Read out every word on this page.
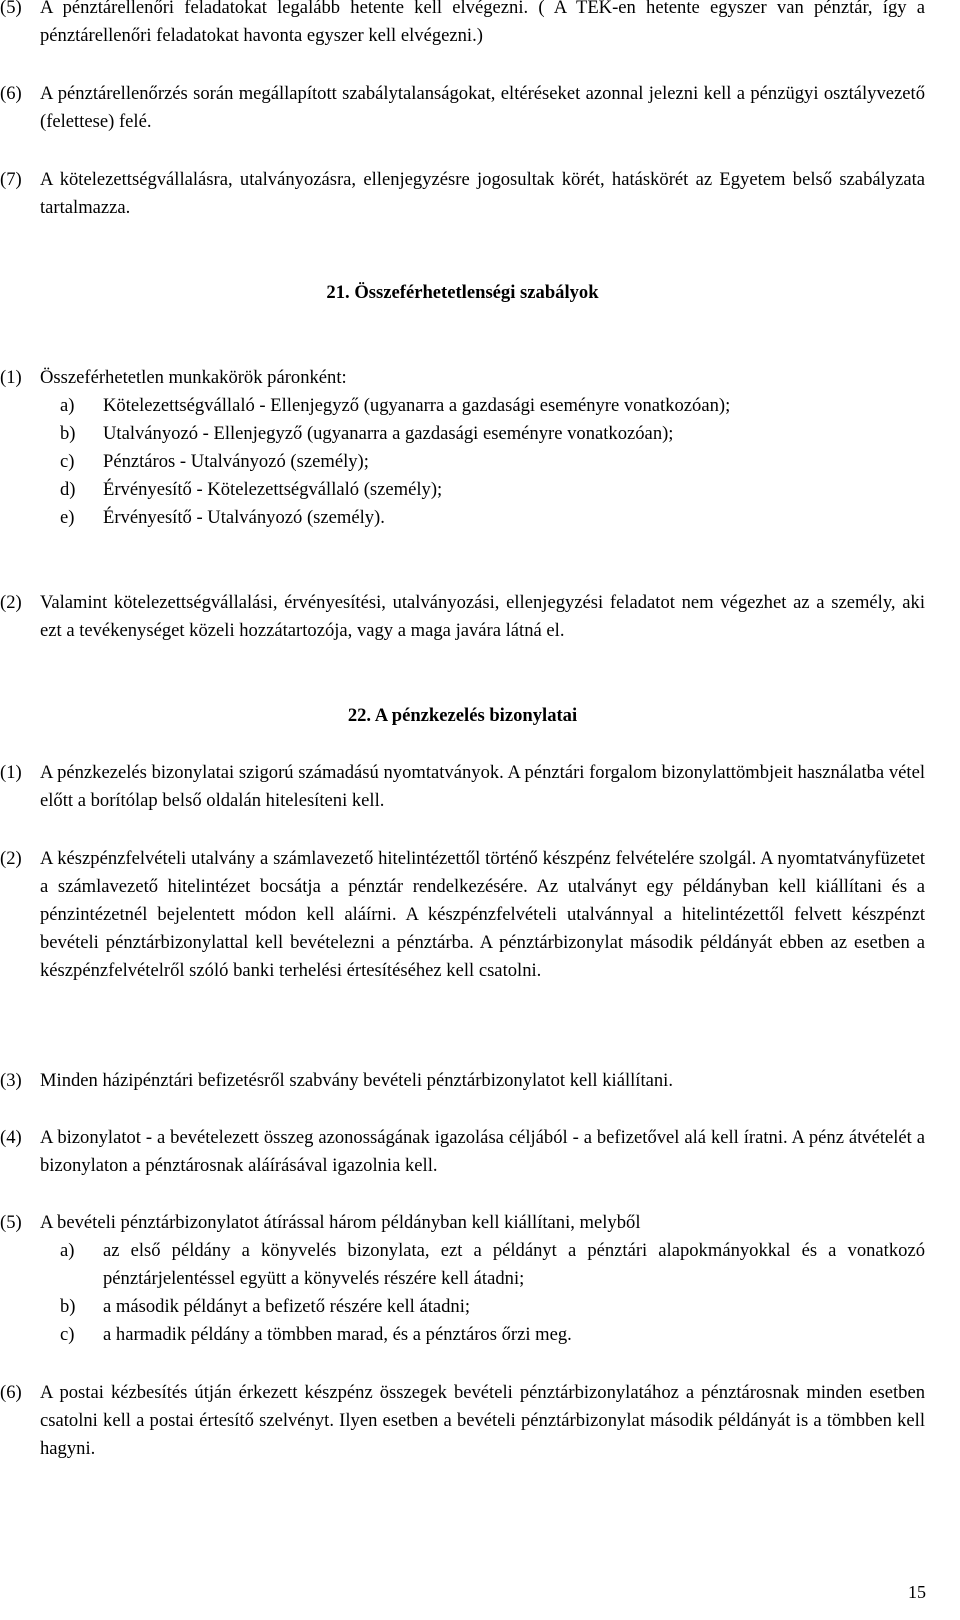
(5) A pénztárellenőri feladatokat legalább hetente kell elvégezni. ( A TEK-en hetente egyszer van pénztár, így a pénztárellenőri feladatokat havonta egyszer kell elvégezni.)
(6) A pénztárellenőrzés során megállapított szabálytalanságokat, eltéréseket azonnal jelezni kell a pénzügyi osztályvezető (felettese) felé.
(7) A kötelezettségvállalásra, utalványozásra, ellenjegyzésre jogosultak körét, hatáskörét az Egyetem belső szabályzata tartalmazza.
21. Összeférhetetlenségi szabályok
(1) Összeférhetetlen munkakörök páronként:
a) Kötelezettségvállaló - Ellenjegyző (ugyanarra a gazdasági eseményre vonatkozóan);
b) Utalványozó - Ellenjegyző (ugyanarra a gazdasági eseményre vonatkozóan);
c) Pénztáros - Utalványozó (személy);
d) Érvényesítő - Kötelezettségvállaló (személy);
e) Érvényesítő - Utalványozó (személy).
(2) Valamint kötelezettségvállalási, érvényesítési, utalványozási, ellenjegyzési feladatot nem végezhet az a személy, aki ezt a tevékenységet közeli hozzátartozója, vagy a maga javára látná el.
22. A pénzkezelés bizonylatai
(1) A pénzkezelés bizonylatai szigorú számadású nyomtatványok. A pénztári forgalom bizonylattömbjeit használatba vétel előtt a borítólap belső oldalán hitelesíteni kell.
(2) A készpénzfelvételi utalvány a számlavezető hitelintézettől történő készpénz felvételére szolgál. A nyomtatványfüzetet a számlavezető hitelintézet bocsátja a pénztár rendelkezésére. Az utalványt egy példányban kell kiállítani és a pénzintézetnél bejelentett módon kell aláírni. A készpénzfelvételi utalvánnyal a hitelintézettől felvett készpénzt bevételi pénztárbizonylattal kell bevételezni a pénztárba. A pénztárbizonylat második példányát ebben az esetben a készpénzfelvételről szóló banki terhelési értesítéséhez kell csatolni.
(3) Minden házipénztári befizetésről szabvány bevételi pénztárbizonylatot kell kiállítani.
(4) A bizonylatot - a bevételezett összeg azonosságának igazolása céljából - a befizetővel alá kell íratni. A pénz átvételét a bizonylaton a pénztárosnak aláírásával igazolnia kell.
(5) A bevételi pénztárbizonylatot átírással három példányban kell kiállítani, melyből
a) az első példány a könyvelés bizonylata, ezt a példányt a pénztári alapokmányokkal és a vonatkozó pénztárjelentéssel együtt a könyvelés részére kell átadni;
b) a második példányt a befizető részére kell átadni;
c) a harmadik példány a tömbben marad, és a pénztáros őrzi meg.
(6) A postai kézbesítés útján érkezett készpénz összegek bevételi pénztárbizonylatához a pénztárosnak minden esetben csatolni kell a postai értesítő szelvényt. Ilyen esetben a bevételi pénztárbizonylat második példányát is a tömbben kell hagyni.
15
